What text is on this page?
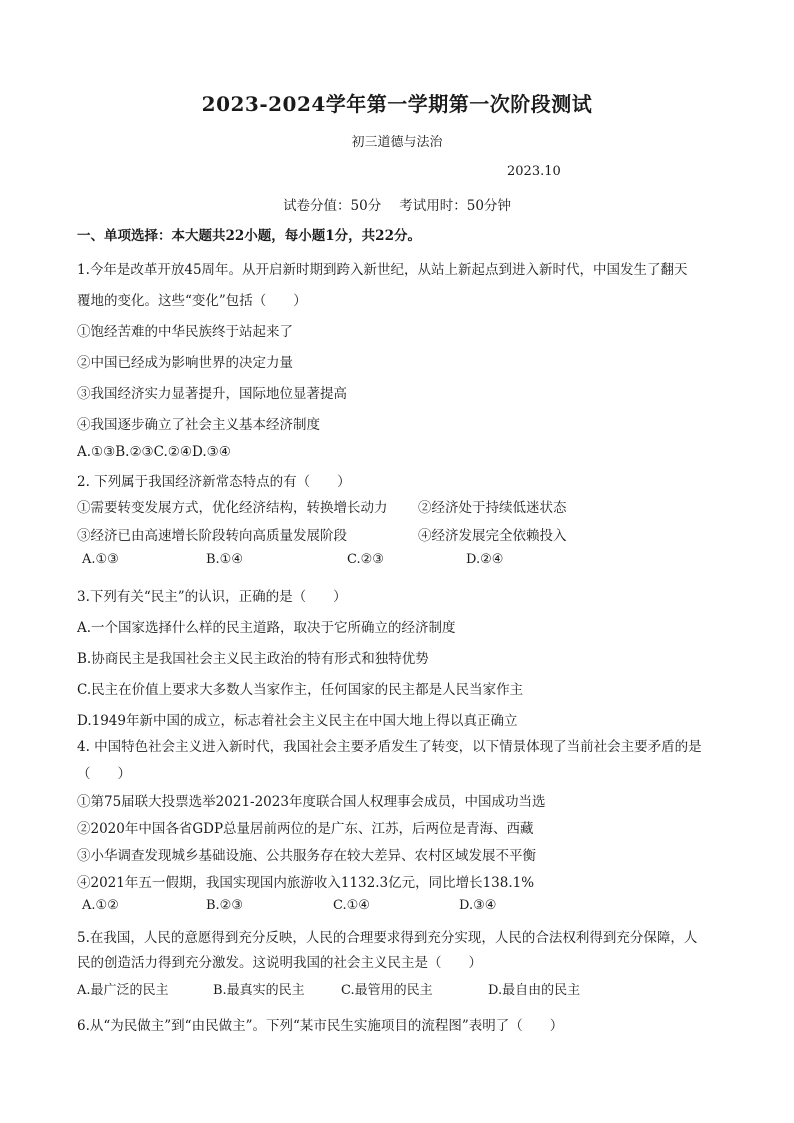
2023-2024学年第一学期第一次阶段测试
初三道德与法治
2023.10
试卷分值：50分 考试用时：50分钟
一、单项选择：本大题共22小题，每小题1分，共22分。
1.今年是改革开放45周年。从开启新时期到跨入新世纪，从站上新起点到进入新时代，中国发生了翻天
覆地的变化。这些“变化”包括（　　）
①饱经苦难的中华民族终于站起来了
②中国已经成为影响世界的决定力量
③我国经济实力显著提升，国际地位显著提高
④我国逐步确立了社会主义基本经济制度
A.①③B.②③C.②④D.③④
2. 下列属于我国经济新常态特点的有（　　）
①需要转变发展方式，优化经济结构，转换增长动力 ②经济处于持续低迷状态
③经济已由高速增长阶段转向高质量发展阶段	④经济发展完全依赖投入
A.①③	B.①④	C.②③	D.②④
3.下列有关“民主”的认识，正确的是（　　）
A.一个国家选择什么样的民主道路，取决于它所确立的经济制度
B.协商民主是我国社会主义民主政治的特有形式和独特优势
C.民主在价值上要求大多数人当家作主，任何国家的民主都是人民当家作主
D.1949年新中国的成立，标志着社会主义民主在中国大地上得以真正确立
4. 中国特色社会主义进入新时代，我国社会主要矛盾发生了转变，以下情景体现了当前社会主要矛盾的是
（　　）
①第75届联大投票选举2021-2023年度联合国人权理事会成员，中国成功当选
②2020年中国各省GDP总量居前两位的是广东、江苏，后两位是青海、西藏
③小华调查发现城乡基础设施、公共服务存在较大差异、农村区域发展不平衡
④2021年五一假期，我国实现国内旅游收入1132.3亿元，同比增长138.1%
A.①②	B.②③	C.①④	D.③④
5.在我国，人民的意愿得到充分反映，人民的合理要求得到充分实现，人民的合法权利得到充分保障，人
民的创造活力得到充分激发。这说明我国的社会主义民主是（　　）
A.最广泛的民主	B.最真实的民主	C.最管用的民主	D.最自由的民主
6.从“为民做主”到“由民做主”。下列“某市民生实施项目的流程图”表明了（　　）
